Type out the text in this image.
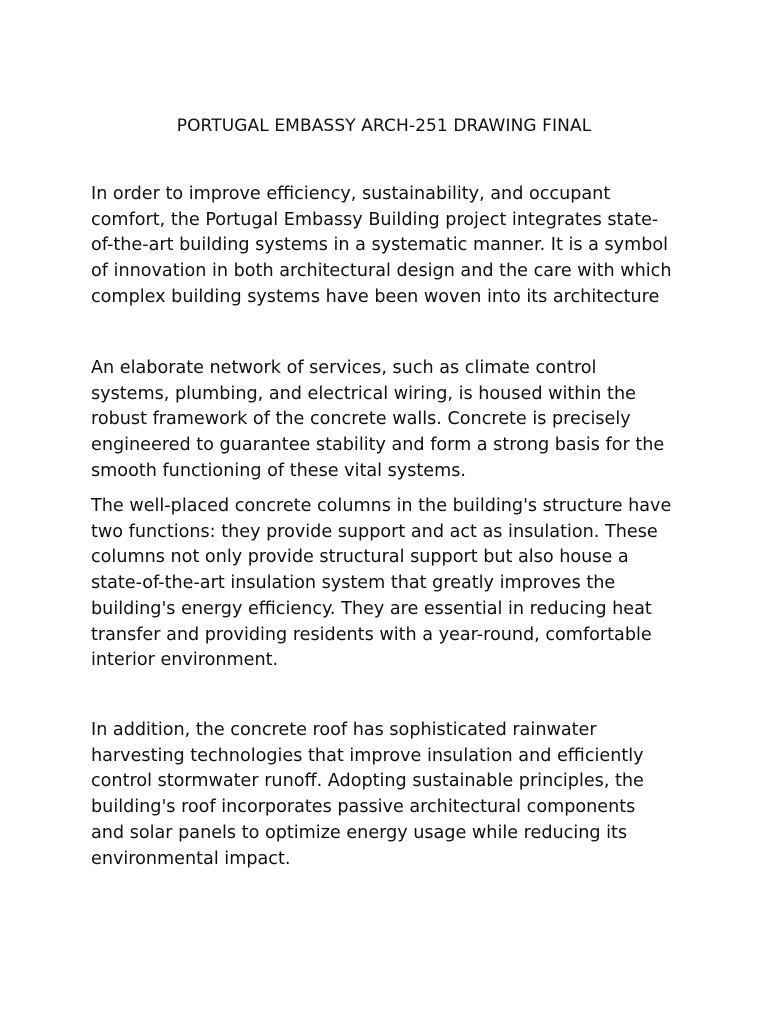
PORTUGAL EMBASSY ARCH-251 DRAWING FINAL

In order to improve efficiency, sustainability, and occupant
comfort, the Portugal Embassy Building project integrates state-
of-the-art building systems in a systematic manner. It is a symbol
of innovation in both architectural design and the care with which
complex building systems have been woven into its architecture

An elaborate network of services, such as climate control
systems, plumbing, and electrical wiring, is housed within the
robust framework of the concrete walls. Concrete is precisely
engineered to guarantee stability and form a strong basis for the
smooth functioning of these vital systems.

The well-placed concrete columns in the building's structure have
two functions: they provide support and act as insulation. These
columns not only provide structural support but also house a
state-of-the-art insulation system that greatly improves the
building's energy efficiency. They are essential in reducing heat
transfer and providing residents with a year-round, comfortable
interior environment.

In addition, the concrete roof has sophisticated rainwater
harvesting technologies that improve insulation and efficiently
control stormwater runoff. Adopting sustainable principles, the
building's roof incorporates passive architectural components
and solar panels to optimize energy usage while reducing its
environmental impact.
